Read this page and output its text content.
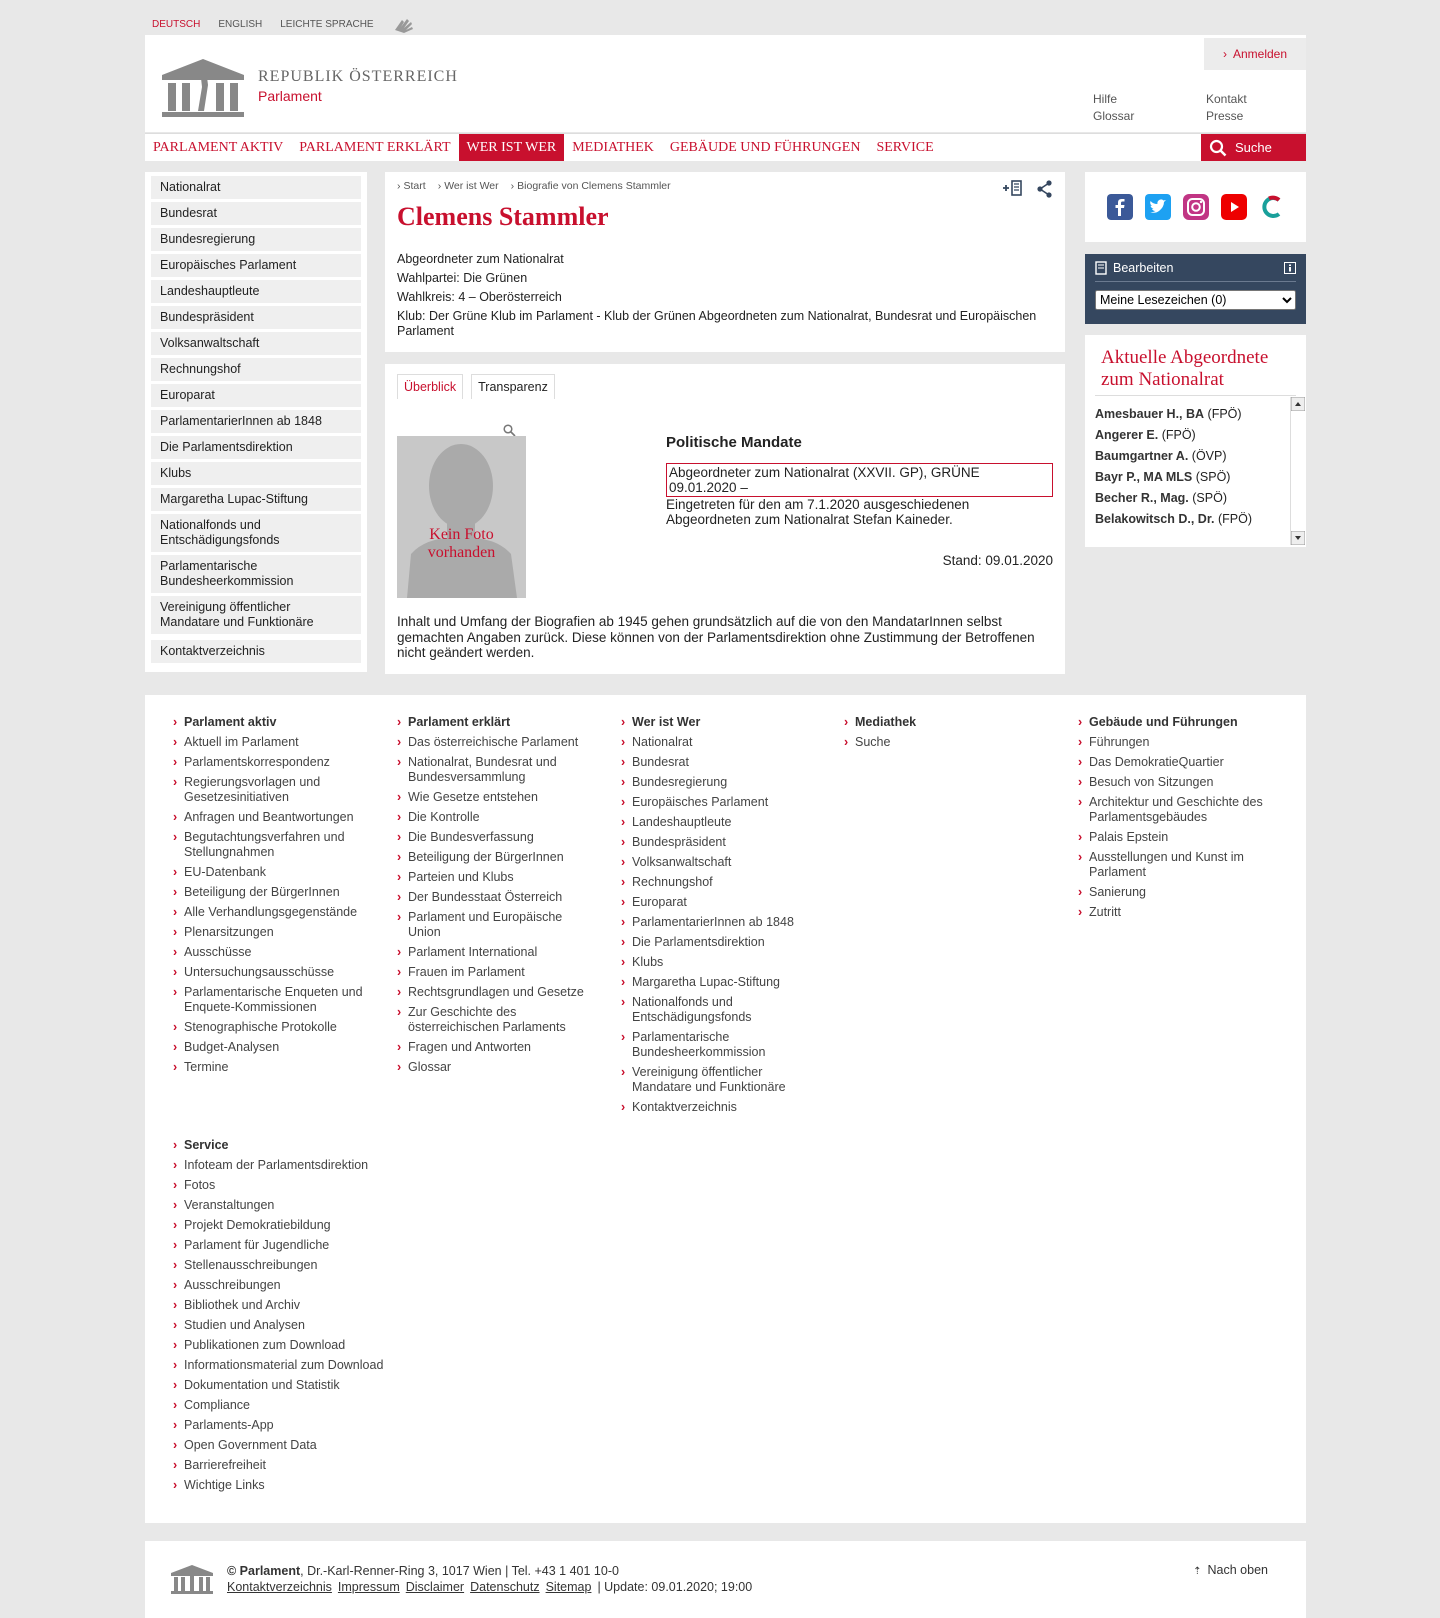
DEUTSCH ENGLISH LEICHTE SPRACHE
REPUBLIK ÖSTERREICH
Parlament
› Anmelden
Hilfe	Kontakt
Glossar	Presse
PARLAMENT AKTIV	PARLAMENT ERKLÄRT	WER IST WER	MEDIATHEK	GEBÄUDE UND FÜHRUNGEN	SERVICE	Suche
Nationalrat
Bundesrat
Bundesregierung
Europäisches Parlament
Landeshauptleute
Bundespräsident
Volksanwaltschaft
Rechnungshof
Europarat
ParlamentarierInnen ab 1848
Die Parlamentsdirektion
Klubs
Margaretha Lupac-Stiftung
Nationalfonds und Entschädigungsfonds
Parlamentarische Bundesheerkommission
Vereinigung öffentlicher Mandatare und Funktionäre
Kontaktverzeichnis
› Start	› Wer ist Wer	› Biografie von Clemens Stammler
Clemens Stammler
Abgeordneter zum Nationalrat
Wahlpartei: Die Grünen
Wahlkreis: 4 – Oberösterreich
Klub: Der Grüne Klub im Parlament - Klub der Grünen Abgeordneten zum Nationalrat, Bundesrat und Europäischen Parlament
Überblick	Transparenz
Kein Foto vorhanden
Politische Mandate
Abgeordneter zum Nationalrat (XXVII. GP), GRÜNE
09.01.2020 –
Eingetreten für den am 7.1.2020 ausgeschiedenen Abgeordneten zum Nationalrat Stefan Kaineder.
Stand: 09.01.2020
Inhalt und Umfang der Biografien ab 1945 gehen grundsätzlich auf die von den MandatarInnen selbst gemachten Angaben zurück. Diese können von der Parlamentsdirektion ohne Zustimmung der Betroffenen nicht geändert werden.
Bearbeiten
Meine Lesezeichen (0)
Aktuelle Abgeordnete zum Nationalrat
Amesbauer H., BA (FPÖ)
Angerer E. (FPÖ)
Baumgartner A. (ÖVP)
Bayr P., MA MLS (SPÖ)
Becher R., Mag. (SPÖ)
Belakowitsch D., Dr. (FPÖ)
› Parlament aktiv
› Aktuell im Parlament
› Parlamentskorrespondenz
› Regierungsvorlagen und Gesetzesinitiativen
› Anfragen und Beantwortungen
› Begutachtungsverfahren und Stellungnahmen
› EU-Datenbank
› Beteiligung der BürgerInnen
› Alle Verhandlungsgegenstände
› Plenarsitzungen
› Ausschüsse
› Untersuchungsausschüsse
› Parlamentarische Enqueten und Enquete-Kommissionen
› Stenographische Protokolle
› Budget-Analysen
› Termine
› Parlament erklärt
› Das österreichische Parlament
› Nationalrat, Bundesrat und Bundesversammlung
› Wie Gesetze entstehen
› Die Kontrolle
› Die Bundesverfassung
› Beteiligung der BürgerInnen
› Parteien und Klubs
› Der Bundesstaat Österreich
› Parlament und Europäische Union
› Parlament International
› Frauen im Parlament
› Rechtsgrundlagen und Gesetze
› Zur Geschichte des österreichischen Parlaments
› Fragen und Antworten
› Glossar
› Wer ist Wer
› Nationalrat
› Bundesrat
› Bundesregierung
› Europäisches Parlament
› Landeshauptleute
› Bundespräsident
› Volksanwaltschaft
› Rechnungshof
› Europarat
› ParlamentarierInnen ab 1848
› Die Parlamentsdirektion
› Klubs
› Margaretha Lupac-Stiftung
› Nationalfonds und Entschädigungsfonds
› Parlamentarische Bundesheerkommission
› Vereinigung öffentlicher Mandatare und Funktionäre
› Kontaktverzeichnis
› Mediathek
› Suche
› Gebäude und Führungen
› Führungen
› Das DemokratieQuartier
› Besuch von Sitzungen
› Architektur und Geschichte des Parlamentsgebäudes
› Palais Epstein
› Ausstellungen und Kunst im Parlament
› Sanierung
› Zutritt
› Service
› Infoteam der Parlamentsdirektion
› Fotos
› Veranstaltungen
› Projekt Demokratiebildung
› Parlament für Jugendliche
› Stellenausschreibungen
› Ausschreibungen
› Bibliothek und Archiv
› Studien und Analysen
› Publikationen zum Download
› Informationsmaterial zum Download
› Dokumentation und Statistik
› Compliance
› Parlaments-App
› Open Government Data
› Barrierefreiheit
› Wichtige Links
© Parlament, Dr.-Karl-Renner-Ring 3, 1017 Wien | Tel. +43 1 401 10-0
Kontaktverzeichnis Impressum Disclaimer Datenschutz Sitemap | Update: 09.01.2020; 19:00
⇡ Nach oben
